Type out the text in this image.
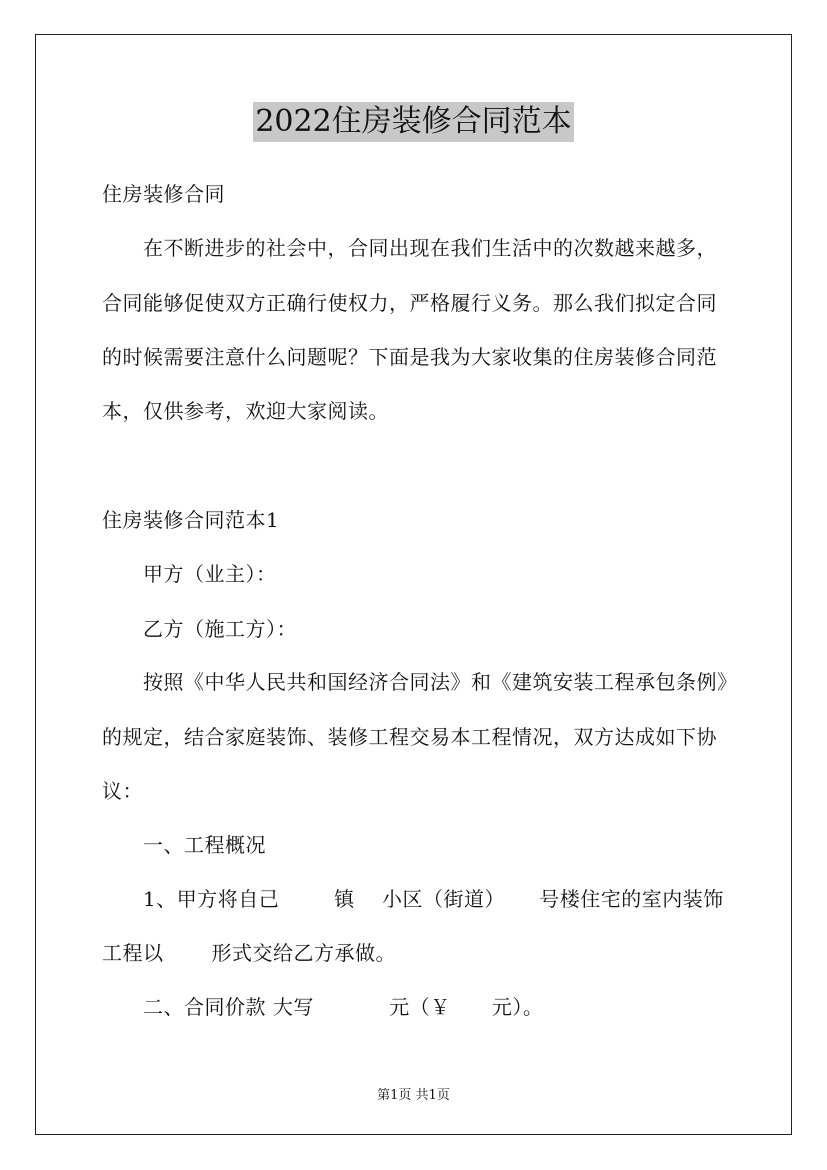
2022住房装修合同范本
住房装修合同
在不断进步的社会中，合同出现在我们生活中的次数越来越多，
合同能够促使双方正确行使权力，严格履行义务。那么我们拟定合同
的时候需要注意什么问题呢？下面是我为大家收集的住房装修合同范
本，仅供参考，欢迎大家阅读。
住房装修合同范本1
甲方（业主）：
乙方（施工方）：
按照《中华人民共和国经济合同法》和《建筑安装工程承包条例》
的规定，结合家庭装饰、装修工程交易本工程情况，双方达成如下协
议：
一、工程概况
1、甲方将自己        镇    小区（街道）     号楼住宅的室内装饰
工程以       形式交给乙方承做。
二、合同价款 大写           元（￥      元）。
第1页 共1页
